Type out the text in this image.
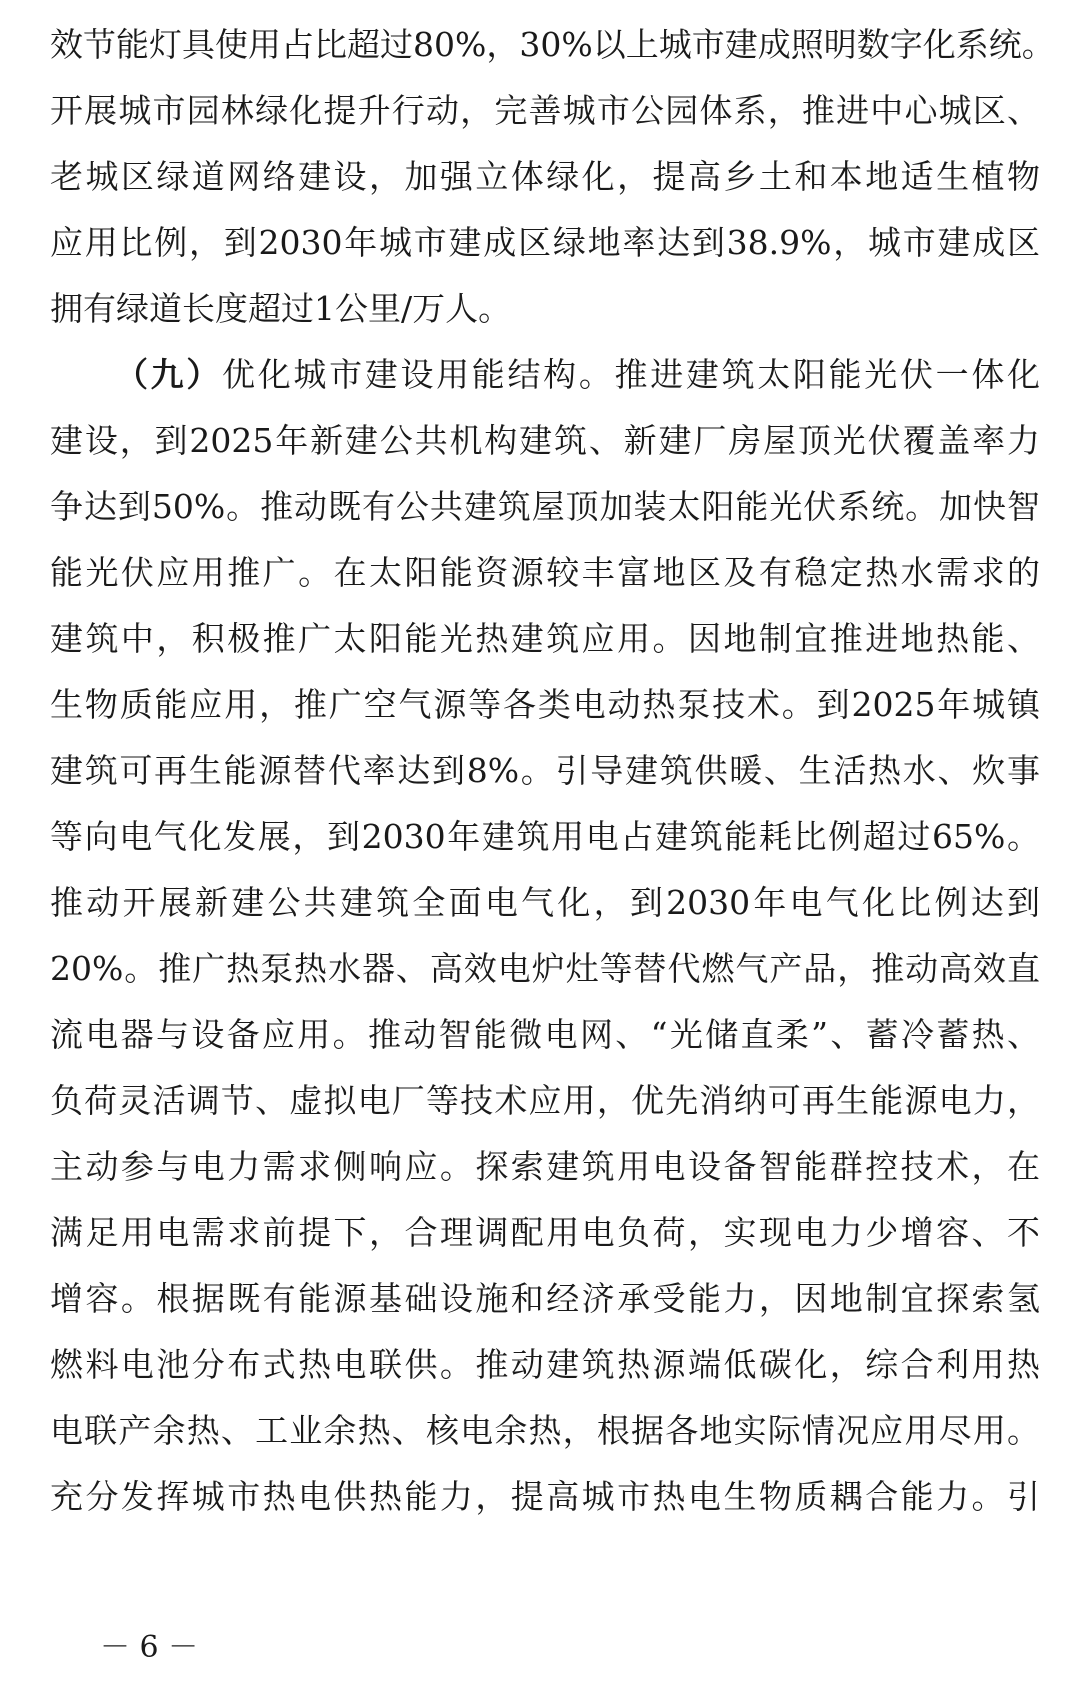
效节能灯具使用占比超过80%，30%以上城市建成照明数字化系统。
开展城市园林绿化提升行动，完善城市公园体系，推进中心城区、
老城区绿道网络建设，加强立体绿化，提高乡土和本地适生植物
应用比例，到2030年城市建成区绿地率达到38.9%，城市建成区
拥有绿道长度超过1公里/万人。
（九）优化城市建设用能结构。推进建筑太阳能光伏一体化
建设，到2025年新建公共机构建筑、新建厂房屋顶光伏覆盖率力
争达到50%。推动既有公共建筑屋顶加装太阳能光伏系统。加快智
能光伏应用推广。在太阳能资源较丰富地区及有稳定热水需求的
建筑中，积极推广太阳能光热建筑应用。因地制宜推进地热能、
生物质能应用，推广空气源等各类电动热泵技术。到2025年城镇
建筑可再生能源替代率达到8%。引导建筑供暖、生活热水、炊事
等向电气化发展，到2030年建筑用电占建筑能耗比例超过65%。
推动开展新建公共建筑全面电气化，到2030年电气化比例达到
20%。推广热泵热水器、高效电炉灶等替代燃气产品，推动高效直
流电器与设备应用。推动智能微电网、“光储直柔”、蓄冷蓄热、
负荷灵活调节、虚拟电厂等技术应用，优先消纳可再生能源电力，
主动参与电力需求侧响应。探索建筑用电设备智能群控技术，在
满足用电需求前提下，合理调配用电负荷，实现电力少增容、不
增容。根据既有能源基础设施和经济承受能力，因地制宜探索氢
燃料电池分布式热电联供。推动建筑热源端低碳化，综合利用热
电联产余热、工业余热、核电余热，根据各地实际情况应用尽用。
充分发挥城市热电供热能力，提高城市热电生物质耦合能力。引
－ 6 －
